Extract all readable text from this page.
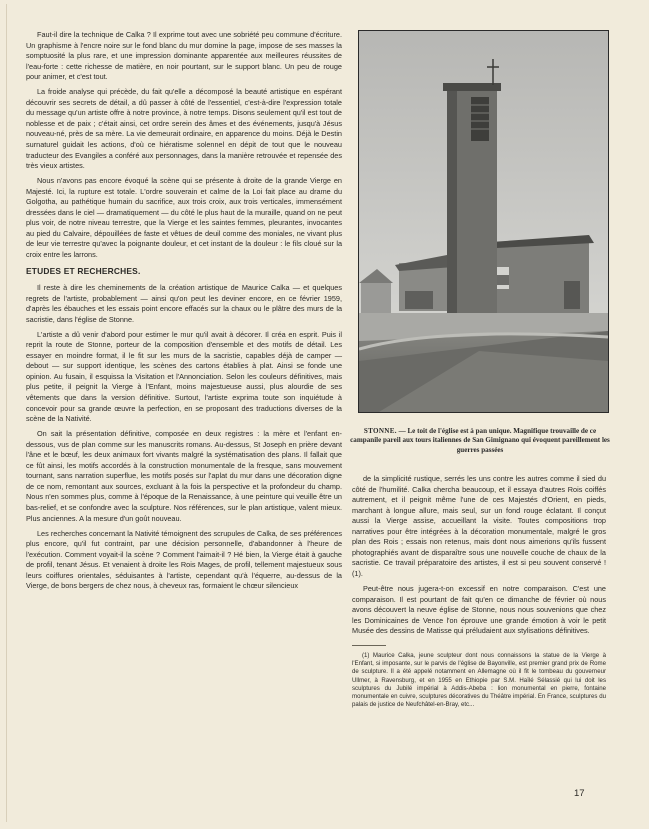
Faut-il dire la technique de Calka ? Il exprime tout avec une sobriété peu commune d'écriture. Un graphisme à l'encre noire sur le fond blanc du mur domine la page, impose de ses masses la somptuosité la plus rare, et une impression dominante apparentée aux meilleures réussites de l'eau-forte : cette richesse de matière, en noir pourtant, sur le support blanc. Un peu de rouge pour animer, et c'est tout.

La froide analyse qui précède, du fait qu'elle a décomposé la beauté artistique en espérant découvrir ses secrets de détail, a dû passer à côté de l'essentiel, c'est-à-dire l'expression totale du message qu'un artiste offre à notre province, à notre temps. Disons seulement qu'il est tout de noblesse et de paix ; c'était ainsi, cet ordre serein des âmes et des événements, jusqu'à Jésus nouveau-né, près de sa mère. La vie demeurait ordinaire, en apparence du moins. Déjà le Destin surnaturel guidait les actions, d'où ce hiératisme solennel en dépit de tout que le nouveau traducteur des Evangiles a conféré aux personnages, dans la manière retrouvée et repensée des très vieux artistes.

Nous n'avons pas encore évoqué la scène qui se présente à droite de la grande Vierge en Majesté. Ici, la rupture est totale. L'ordre souverain et calme de la Loi fait place au drame du Golgotha, au pathétique humain du sacrifice, aux trois croix, aux trois verticales, immensément dressées dans le ciel — dramatiquement — du côté le plus haut de la muraille, quand on ne peut plus voir, de notre niveau terrestre, que la Vierge et les saintes femmes, pleurantes, invocantes au pied du Calvaire, dépouillées de faste et vêtues de deuil comme des moniales, ne vivant plus de leur vie terrestre qu'avec la poignante douleur, et cet instant de la douleur : le fils cloué sur la croix entre les larrons.

ETUDES ET RECHERCHES.

Il reste à dire les cheminements de la création artistique de Maurice Calka — et quelques regrets de l'artiste, probablement — ainsi qu'on peut les deviner encore, en ce février 1959, d'après les ébauches et les essais point encore effacés sur la chaux ou le plâtre des murs de la sacristie, dans l'église de Stonne.

L'artiste a dû venir d'abord pour estimer le mur qu'il avait à décorer. Il créa en esprit. Puis il reprit la route de Stonne, porteur de la composition d'ensemble et des motifs de détail. Les essayer en moindre format, il le fit sur les murs de la sacristie, capables déjà de camper — debout — sur support identique, les scènes des cartons établies à plat. Ainsi se fonde une opinion. Au fusain, il esquissa la Visitation et l'Annonciation. Selon les couleurs définitives, mais plus petite, il peignit la Vierge à l'Enfant, moins majestueuse aussi, plus alourdie de ses vêtements que dans la version définitive. Surtout, l'artiste exprima toute son inquiétude à concevoir pour sa grande œuvre la perfection, en se proposant des traductions diverses de la scène de la Nativité.

On sait la présentation définitive, composée en deux registres : la mère et l'enfant en-dessous, vus de plan comme sur les manuscrits romans. Au-dessus, St Joseph en prière devant l'âne et le bœuf, les deux animaux fort vivants malgré la systématisation des plans. Il fallait que ce fût ainsi, les motifs accordés à la construction monumentale de la fresque, sans mouvement tournant, sans narration superflue, les motifs posés sur l'aplat du mur dans une décoration digne de ce nom, remontant aux sources, excluant à la fois la perspective et la profondeur du champ. Nous n'en sommes plus, comme à l'époque de la Renaissance, à une peinture qui veuille être un bas-relief, et se confondre avec la sculpture. Nos références, sur le plan artistique, valent mieux. Plus anciennes. A la mesure d'un goût nouveau.

Les recherches concernant la Nativité témoignent des scrupules de Calka, de ses préférences plus encore, qu'il fut contraint, par une décision personnelle, d'abandonner à l'heure de l'exécution. Comment voyait-il la scène ? Comment l'aimait-il ? Hé bien, la Vierge était à gauche de profil, tenant Jésus. Et venaient à droite les Rois Mages, de profil, tellement majestueux sous leurs coiffures orientales, séduisantes à l'artiste, cependant qu'à l'équerre, au-dessus de la Vierge, de bons bergers de chez nous, à cheveux ras, formaient le chœur silencieux

STONNE. — Le toit de l'église est à pan unique. Magnifique trouvaille de ce campanile pareil aux tours italiennes de San Gimignano qui évoquent pareillement les guerres passées

de la simplicité rustique, serrés les uns contre les autres comme il sied du côté de l'humilité. Calka chercha beaucoup, et il essaya d'autres Rois coiffés autrement, et il peignit même l'une de ces Majestés d'Orient, en pieds, marchant à longue allure, mais seul, sur un fond rouge éclatant. Il conçut aussi la Vierge assise, accueillant la visite. Toutes compositions trop narratives pour être intégrées à la décoration monumentale, malgré le gros plan des Rois ; essais non retenus, mais dont nous aimerions qu'ils fussent photographiés avant de disparaître sous une nouvelle couche de chaux de la sacristie. Ce travail préparatoire des artistes, il est si peu souvent conservé ! (1).

Peut-être nous jugera-t-on excessif en notre comparaison. C'est une comparaison. Il est pourtant de fait qu'en ce dimanche de février où nous avons découvert la neuve église de Stonne, nous nous souvenions que chez les Dominicaines de Vence l'on éprouve une grande émotion à voir le petit Musée des dessins de Matisse qui préludaient aux stylisations définitives.

(1) Maurice Calka, jeune sculpteur dont nous connaissons la statue de la Vierge à l'Enfant, si imposante, sur le parvis de l'église de Bayonville, est premier grand prix de Rome de sculpture. Il a été appelé notamment en Allemagne où il fit le tombeau du gouverneur Ullmer, à Ravensburg, et en 1955 en Ethiopie par S.M. Haïlé Sélassié qui lui doit les sculptures du Jubilé impérial à Addis-Abeba : lion monumental en pierre, fontaine monumentale en cuivre, sculptures décoratives du Théâtre impérial. En France, sculptures du palais de justice de Neufchâtel-en-Bray, etc...

17
